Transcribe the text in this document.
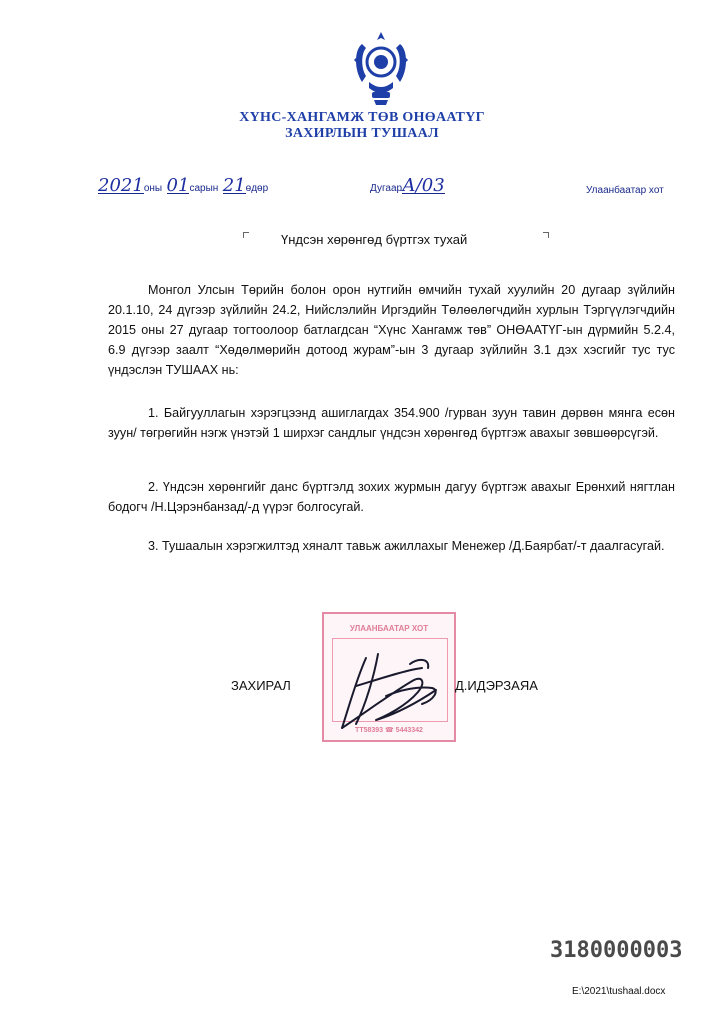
ХҮНС-ХАНГАМЖ ТӨВ ОНӨААТҮГ
ЗАХИРЛЫН ТУШААЛ
2021оны 01сарын 21өдөр	ДугаарА/03	Улаанбаатар хот
Үндсэн хөрөнгөд бүртгэх тухай
Монгол Улсын Төрийн болон орон нутгийн өмчийн тухай хуулийн 20 дугаар зүйлийн 20.1.10, 24 дүгээр зүйлийн 24.2, Нийслэлийн Иргэдийн Төлөөлөгчдийн хурлын Тэргүүлэгчдийн 2015 оны 27 дугаар тогтоолоор батлагдсан “Хүнс Хангамж төв” ОНӨААТҮГ-ын дүрмийн 5.2.4, 6.9 дүгээр заалт “Хөдөлмөрийн дотоод журам”-ын 3 дугаар зүйлийн 3.1 дэх хэсгийг тус тус үндэслэн ТУШААХ нь:
1. Байгууллагын хэрэгцээнд ашиглагдах 354.900 /гурван зуун тавин дөрвөн мянга есөн зуун/ төгрөгийн нэгж үнэтэй 1 ширхэг сандлыг үндсэн хөрөнгөд бүртгэж авахыг зөвшөөрсүгэй.
2. Үндсэн хөрөнгийг данс бүртгэлд зохих журмын дагуу бүртгэж авахыг Ерөнхий нягтлан бодогч /Н.Цэрэнбанзад/-д үүрэг болгосугай.
3. Тушаалын хэрэгжилтэд хяналт тавьж ажиллахыг Менежер /Д.Баярбат/-т даалгасугай.
УЛААНБААТАР ХОТ
ТТ58393 ☎ 5443342
ЗАХИРАЛ	Д.ИДЭРЗАЯА
3180000003
E:\2021\tushaal.docx
